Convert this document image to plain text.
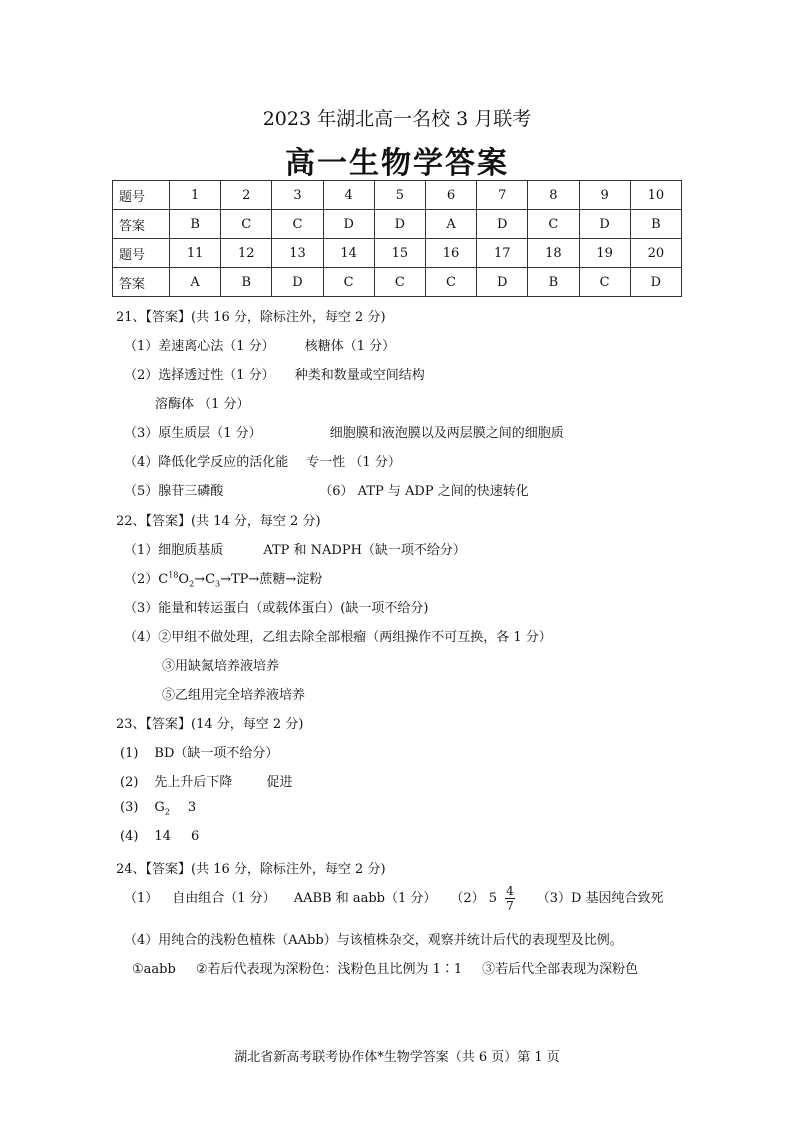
2023 年湖北高一名校 3 月联考
高一生物学答案
题号	1	2	3	4	5	6	7	8	9	10
答案	B	C	C	D	D	A	D	C	D	B
题号	11	12	13	14	15	16	17	18	19	20
答案	A	B	D	C	C	C	D	B	C	D
21、【答案】(共 16 分，除标注外，每空 2 分)
（1）差速离心法（1 分） 核糖体（1 分）
（2）选择透过性（1 分） 种类和数量或空间结构
溶酶体 （1 分）
（3）原生质层（1 分）	细胞膜和液泡膜以及两层膜之间的细胞质
（4）降低化学反应的活化能 专一性 （1 分）
（5）腺苷三磷酸	（6） ATP 与 ADP 之间的快速转化
22、【答案】(共 14 分，每空 2 分)
（1）细胞质基质	ATP 和 NADPH（缺一项不给分）
$(2)C^{18}O_2\to C_3\to TP\to$蔗糖→淀粉
（3）能量和转运蛋白（或载体蛋白）(缺一项不给分)
（4）②甲组不做处理，乙组去除全部根瘤（两组操作不可互换，各 1 分）
③用缺氮培养液培养
⑤乙组用完全培养液培养
23、【答案】(14 分，每空 2 分)
(1) BD（缺一项不给分）
(2) 先上升后下降	促进
(3) $G_2$ 3
(4) 14 6
24、【答案】(共 16 分，除标注外，每空 2 分)
（1） 自由组合（1 分） AABB 和 aabb（1 分） （2） $5 \frac{4}{7} (3)D$ 基因纯合致死
（4）用纯合的浅粉色植株（AAbb）与该植株杂交，观察并统计后代的表现型及比例。
①aabb ②若后代表现为深粉色：浅粉色且比例为 1∶1 ③若后代全部表现为深粉色
湖北省新高考联考协作体*生物学答案（共 6 页）第 1 页
